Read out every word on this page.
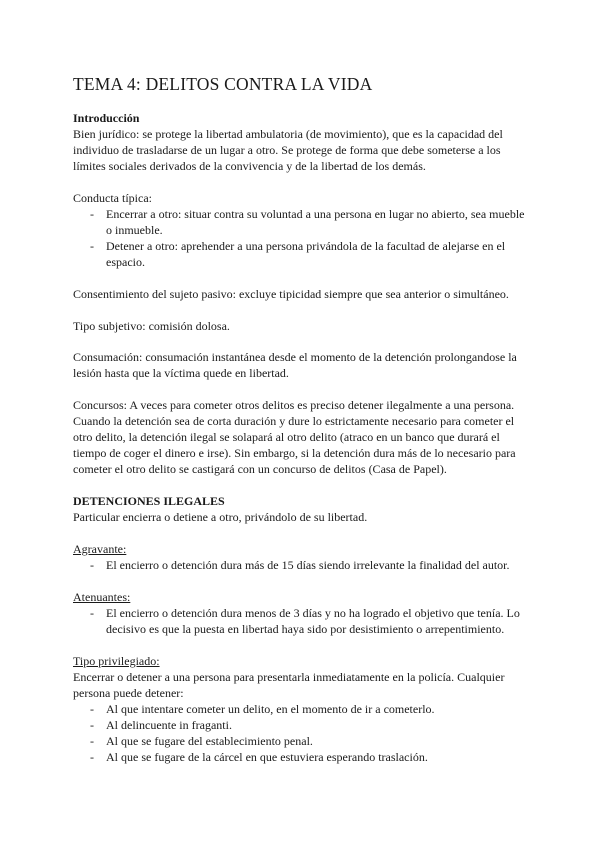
TEMA 4: DELITOS CONTRA LA VIDA

Introducción

Bien jurídico: se protege la libertad ambulatoria (de movimiento), que es la capacidad del individuo de trasladarse de un lugar a otro. Se protege de forma que debe someterse a los límites sociales derivados de la convivencia y de la libertad de los demás.

Conducta típica:

- Encerrar a otro: situar contra su voluntad a una persona en lugar no abierto, sea mueble o inmueble.
- Detener a otro: aprehender a una persona privándola de la facultad de alejarse en el espacio.
Consentimiento del sujeto pasivo: excluye tipicidad siempre que sea anterior o simultáneo.
Tipo subjetivo: comisión dolosa.
Consumación: consumación instantánea desde el momento de la detención prolongandose la lesión hasta que la víctima quede en libertad.
Concursos: A veces para cometer otros delitos es preciso detener ilegalmente a una persona. Cuando la detención sea de corta duración y dure lo estrictamente necesario para cometer el otro delito, la detención ilegal se solapará al otro delito (atraco en un banco que durará el tiempo de coger el dinero e irse). Sin embargo, si la detención dura más de lo necesario para cometer el otro delito se castigará con un concurso de delitos (Casa de Papel).

DETENCIONES ILEGALES

Particular encierra o detiene a otro, privándolo de su libertad.

Agravante:

- El encierro o detención dura más de 15 días siendo irrelevante la finalidad del autor.

Atenuantes:

- El encierro o detención dura menos de 3 días y no ha logrado el objetivo que tenía. Lo decisivo es que la puesta en libertad haya sido por desistimiento o arrepentimiento.

Tipo privilegiado:

Encerrar o detener a una persona para presentarla inmediatamente en la policía. Cualquier persona puede detener:

- Al que intentare cometer un delito, en el momento de ir a cometerlo.
- Al delincuente in fraganti.
- Al que se fugare del establecimiento penal.
- Al que se fugare de la cárcel en que estuviera esperando traslación.
